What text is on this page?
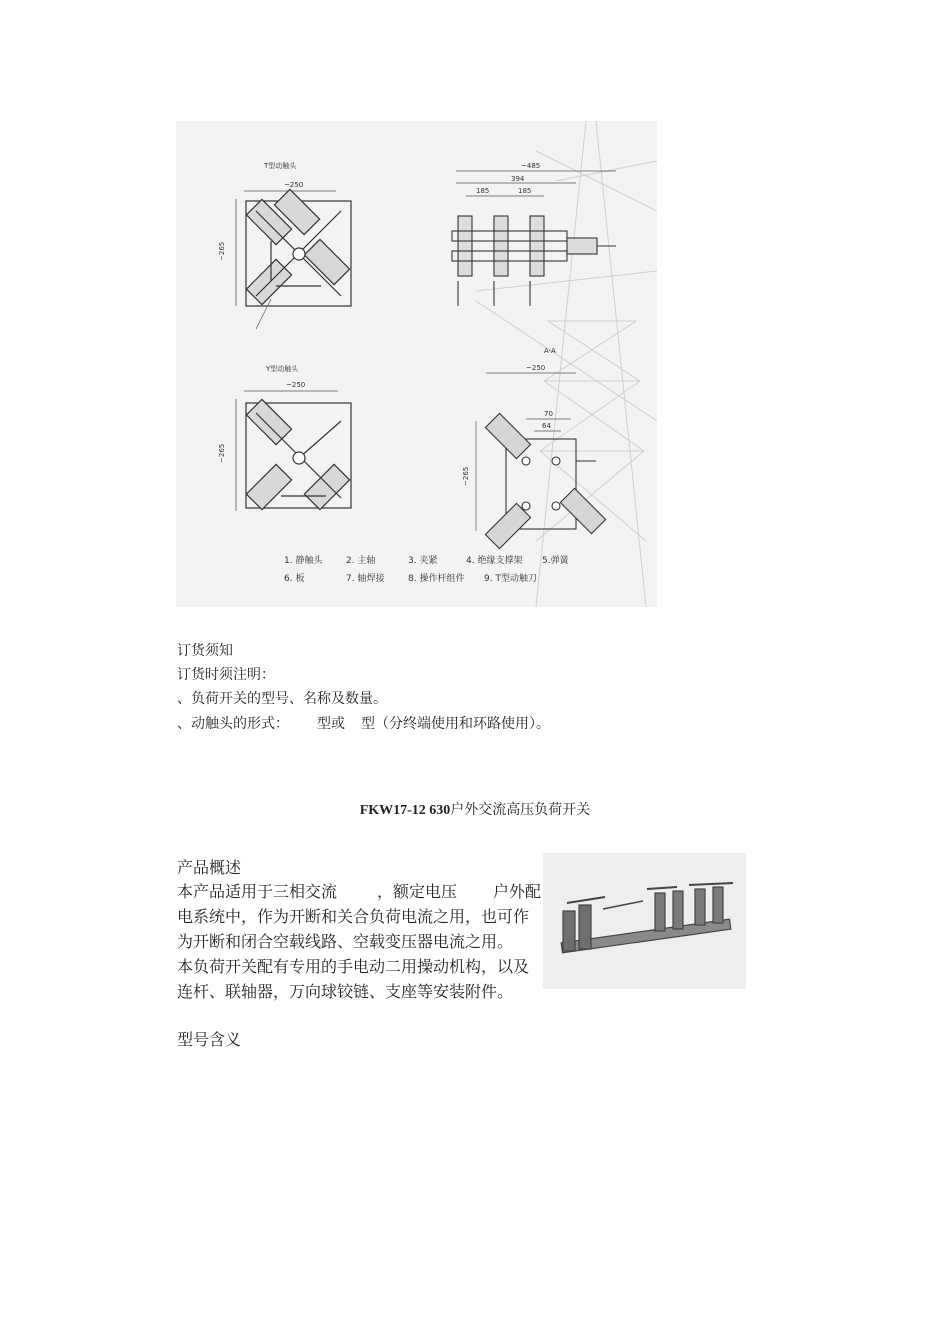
T型动触头
~250
~265
Y型动触头
~250
~265
~485
394
185	185
A-A
~250
70
64
~265
1. 静触头	2. 主轴	3. 夹紧	4. 绝缘支撑架 5.弹簧
6. 板	7. 轴焊接	8. 操作杆组件 9. T型动触刀
订货须知
订货时须注明：
、负荷开关的型号、名称及数量。
、动触头的形式： 型或 型（分终端使用和环路使用）。
FKW17-12 630户外交流高压负荷开关
产品概述
本产品适用于三相交流	，额定电压 户外配
电系统中，作为开断和关合负荷电流之用，也可作
为开断和闭合空载线路、空载变压器电流之用。
本负荷开关配有专用的手电动二用操动机构，以及
连杆、联轴器，万向球铰链、支座等安装附件。
型号含义
